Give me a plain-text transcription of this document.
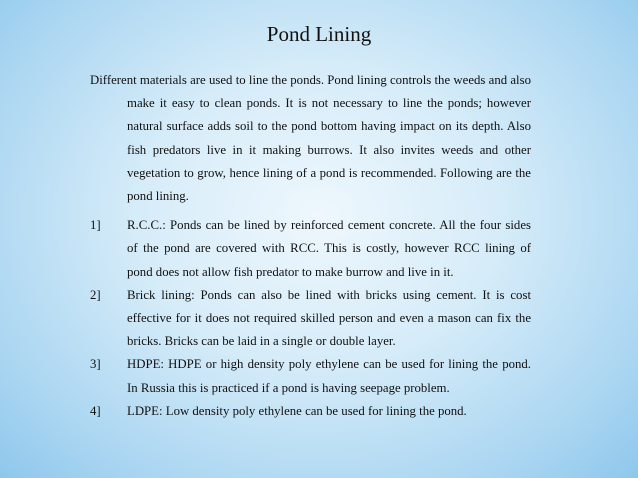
Pond Lining

Different materials are used to line the ponds. Pond lining controls the weeds and also make it easy to clean ponds. It is not necessary to line the ponds; however natural surface adds soil to the pond bottom having impact on its depth. Also fish predators live in it making burrows. It also invites weeds and other vegetation to grow, hence lining of a pond is recommended. Following are the pond lining.

1]	R.C.C.: Ponds can be lined by reinforced cement concrete. All the four sides of the pond are covered with RCC. This is costly, however RCC lining of pond does not allow fish predator to make burrow and live in it.
2]	Brick lining: Ponds can also be lined with bricks using cement. It is cost effective for it does not required skilled person and even a mason can fix the bricks. Bricks can be laid in a single or double layer.
3]	HDPE: HDPE or high density poly ethylene can be used for lining the pond. In Russia this is practiced if a pond is having seepage problem.
4]	LDPE: Low density poly ethylene can be used for lining the pond.
